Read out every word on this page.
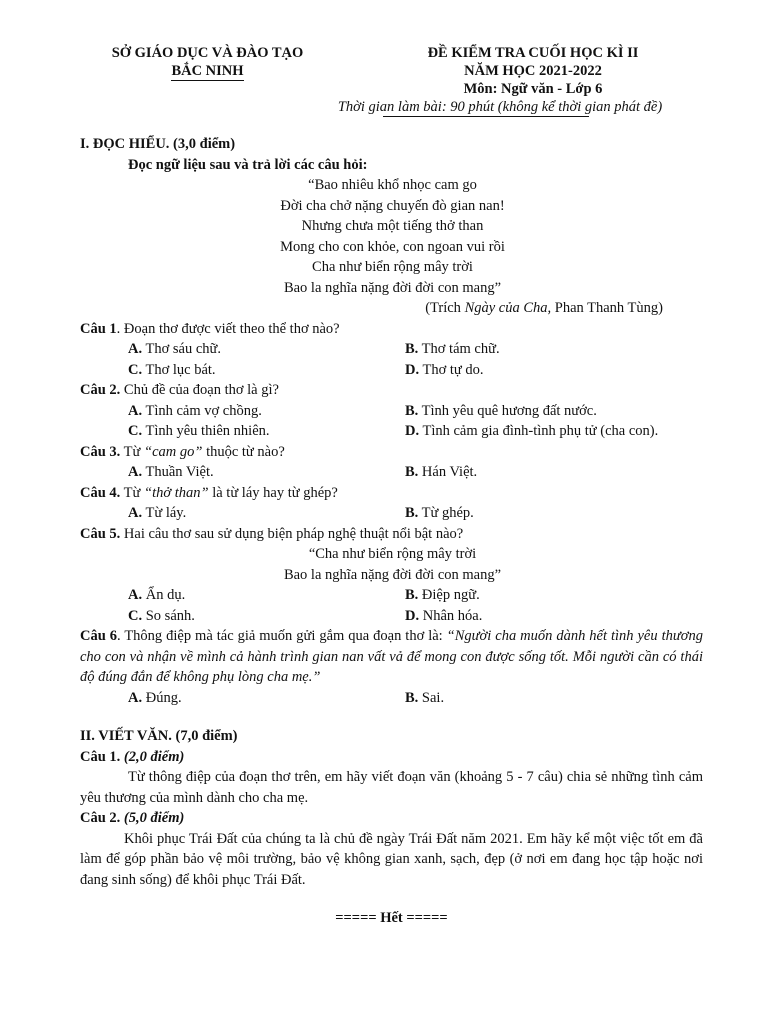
SỞ GIÁO DỤC VÀ ĐÀO TẠO
BẮC NINH
ĐỀ KIỂM TRA CUỐI HỌC KÌ II
NĂM HỌC 2021-2022
Môn: Ngữ văn - Lớp 6
Thời gian làm bài: 90 phút (không kể thời gian phát đề)
I. ĐỌC HIỂU. (3,0 điểm)
Đọc ngữ liệu sau và trả lời các câu hỏi:
“Bao nhiêu khổ nhọc cam go
Đời cha chở nặng chuyến đò gian nan!
Nhưng chưa một tiếng thở than
Mong cho con khỏe, con ngoan vui rồi
Cha như biển rộng mây trời
Bao la nghĩa nặng đời đời con mang”
(Trích Ngày của Cha, Phan Thanh Tùng)
Câu 1. Đoạn thơ được viết theo thể thơ nào?
A. Thơ sáu chữ.	B. Thơ tám chữ.
C. Thơ lục bát.	D. Thơ tự do.
Câu 2. Chủ đề của đoạn thơ là gì?
A. Tình cảm vợ chồng.	B. Tình yêu quê hương đất nước.
C. Tình yêu thiên nhiên.	D. Tình cảm gia đình-tình phụ tử (cha con).
Câu 3. Từ “cam go” thuộc từ nào?
A. Thuần Việt.	B. Hán Việt.
Câu 4. Từ “thở than” là từ láy hay từ ghép?
A. Từ láy.	B. Từ ghép.
Câu 5. Hai câu thơ sau sử dụng biện pháp nghệ thuật nổi bật nào?
“Cha như biển rộng mây trời
Bao la nghĩa nặng đời đời con mang”
A. Ẩn dụ.	B. Điệp ngữ.
C. So sánh.	D. Nhân hóa.
Câu 6. Thông điệp mà tác giả muốn gửi gắm qua đoạn thơ là: “Người cha muốn dành hết tình yêu thương cho con và nhận về mình cả hành trình gian nan vất vả để mong con được sống tốt. Mỗi người cần có thái độ đúng đắn để không phụ lòng cha mẹ.”
A. Đúng.	B. Sai.
II. VIẾT VĂN. (7,0 điểm)
Câu 1. (2,0 điểm)
Từ thông điệp của đoạn thơ trên, em hãy viết đoạn văn (khoảng 5 - 7 câu) chia sẻ những tình cảm yêu thương của mình dành cho cha mẹ.
Câu 2. (5,0 điểm)
Khôi phục Trái Đất của chúng ta là chủ đề ngày Trái Đất năm 2021. Em hãy kể một việc tốt em đã làm để góp phần bảo vệ môi trường, bảo vệ không gian xanh, sạch, đẹp (ở nơi em đang học tập hoặc nơi đang sinh sống) để khôi phục Trái Đất.
===== Hết =====
